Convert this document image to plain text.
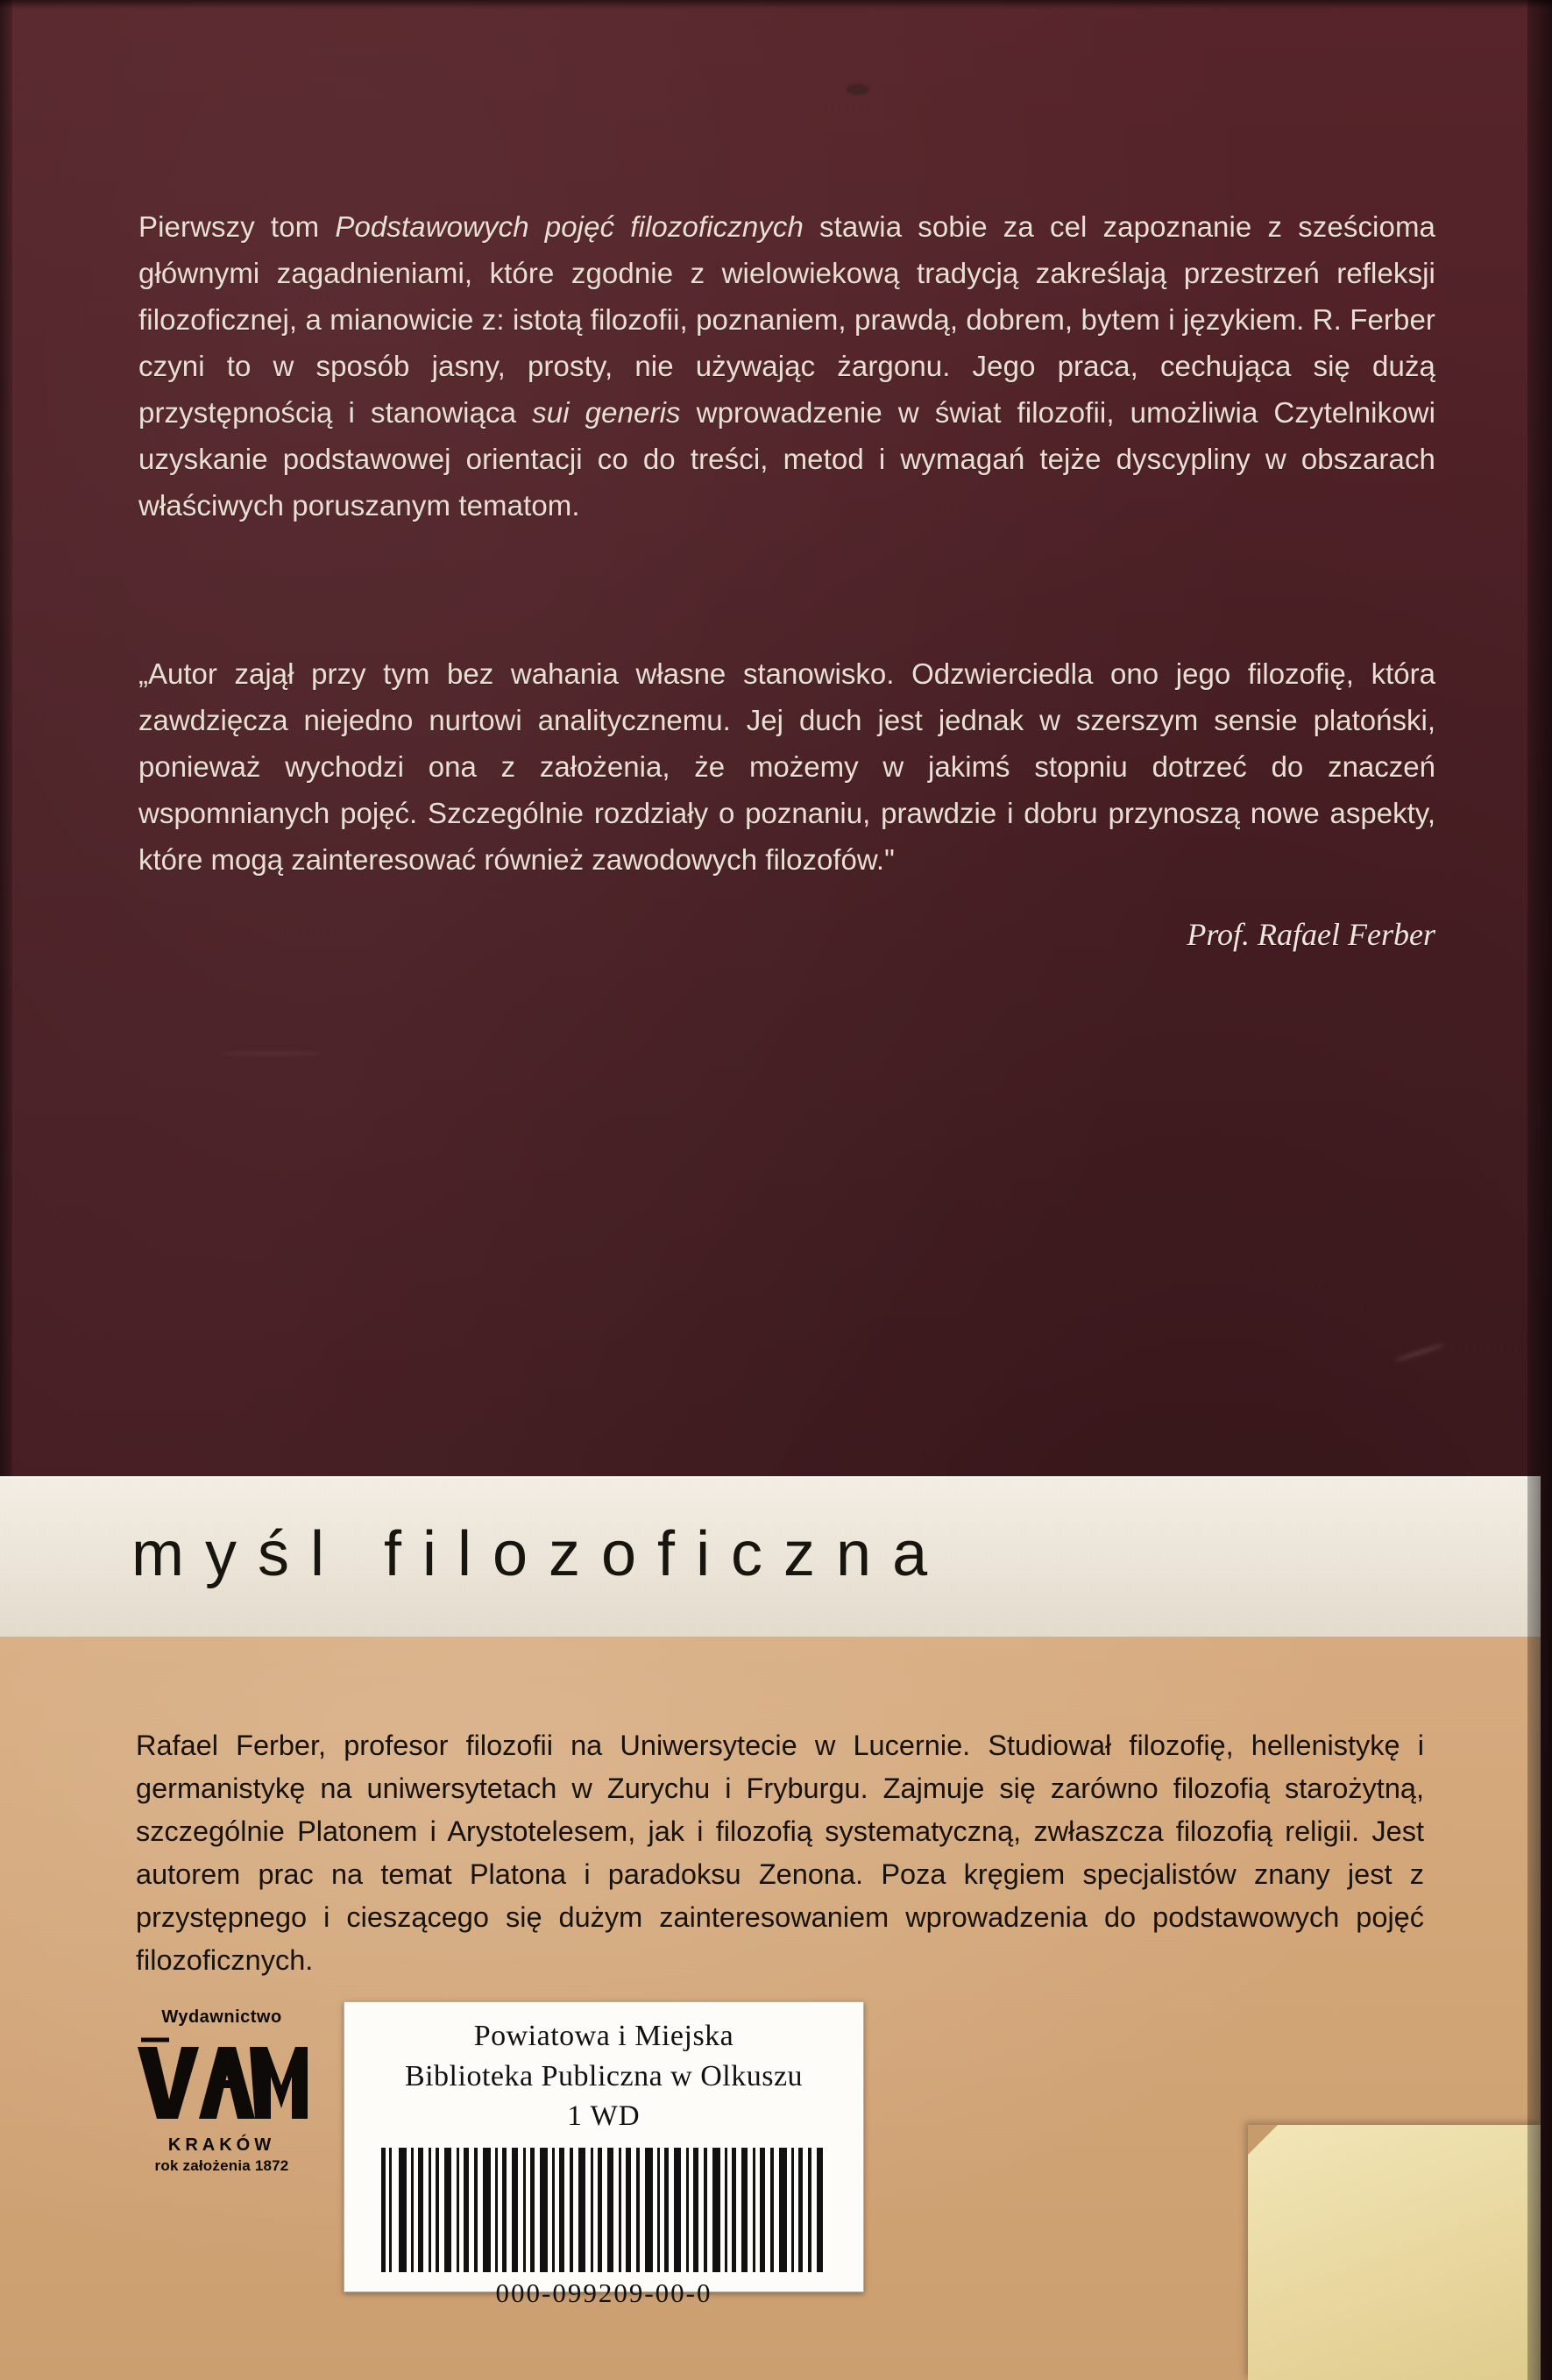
Pierwszy tom Podstawowych pojęć filozoficznych stawia sobie za cel zapoznanie z sześcioma głównymi zagadnieniami, które zgodnie z wielowiekową tradycją zakreślają przestrzeń refleksji filozoficznej, a mianowicie z: istotą filozofii, poznaniem, prawdą, dobrem, bytem i językiem. R. Ferber czyni to w sposób jasny, prosty, nie używając żargonu. Jego praca, cechująca się dużą przystępnością i stanowiąca sui generis wprowadzenie w świat filozofii, umożliwia Czytelnikowi uzyskanie podstawowej orientacji co do treści, metod i wymagań tejże dyscypliny w obszarach właściwych poruszanym tematom.
„Autor zajął przy tym bez wahania własne stanowisko. Odzwierciedla ono jego filozofię, która zawdzięcza niejedno nurtowi analitycznemu. Jej duch jest jednak w szerszym sensie platoński, ponieważ wychodzi ona z założenia, że możemy w jakimś stopniu dotrzeć do znaczeń wspomnianych pojęć. Szczególnie rozdziały o poznaniu, prawdzie i dobru przynoszą nowe aspekty, które mogą zainteresować również zawodowych filozofów."
Prof. Rafael Ferber
myśl filozoficzna
Rafael Ferber, profesor filozofii na Uniwersytecie w Lucernie. Studiował filozofię, hellenistykę i germanistykę na uniwersytetach w Zurychu i Fryburgu. Zajmuje się zarówno filozofią starożytną, szczególnie Platonem i Arystotelesem, jak i filozofią systematyczną, zwłaszcza filozofią religii. Jest autorem prac na temat Platona i paradoksu Zenona. Poza kręgiem specjalistów znany jest z przystępnego i cieszącego się dużym zainteresowaniem wprowadzenia do podstawowych pojęć filozoficznych.
Wydawnictwo
KRAKÓW
rok założenia 1872
Powiatowa i Miejska
Biblioteka Publiczna w Olkuszu
1 WD
000-099209-00-0
